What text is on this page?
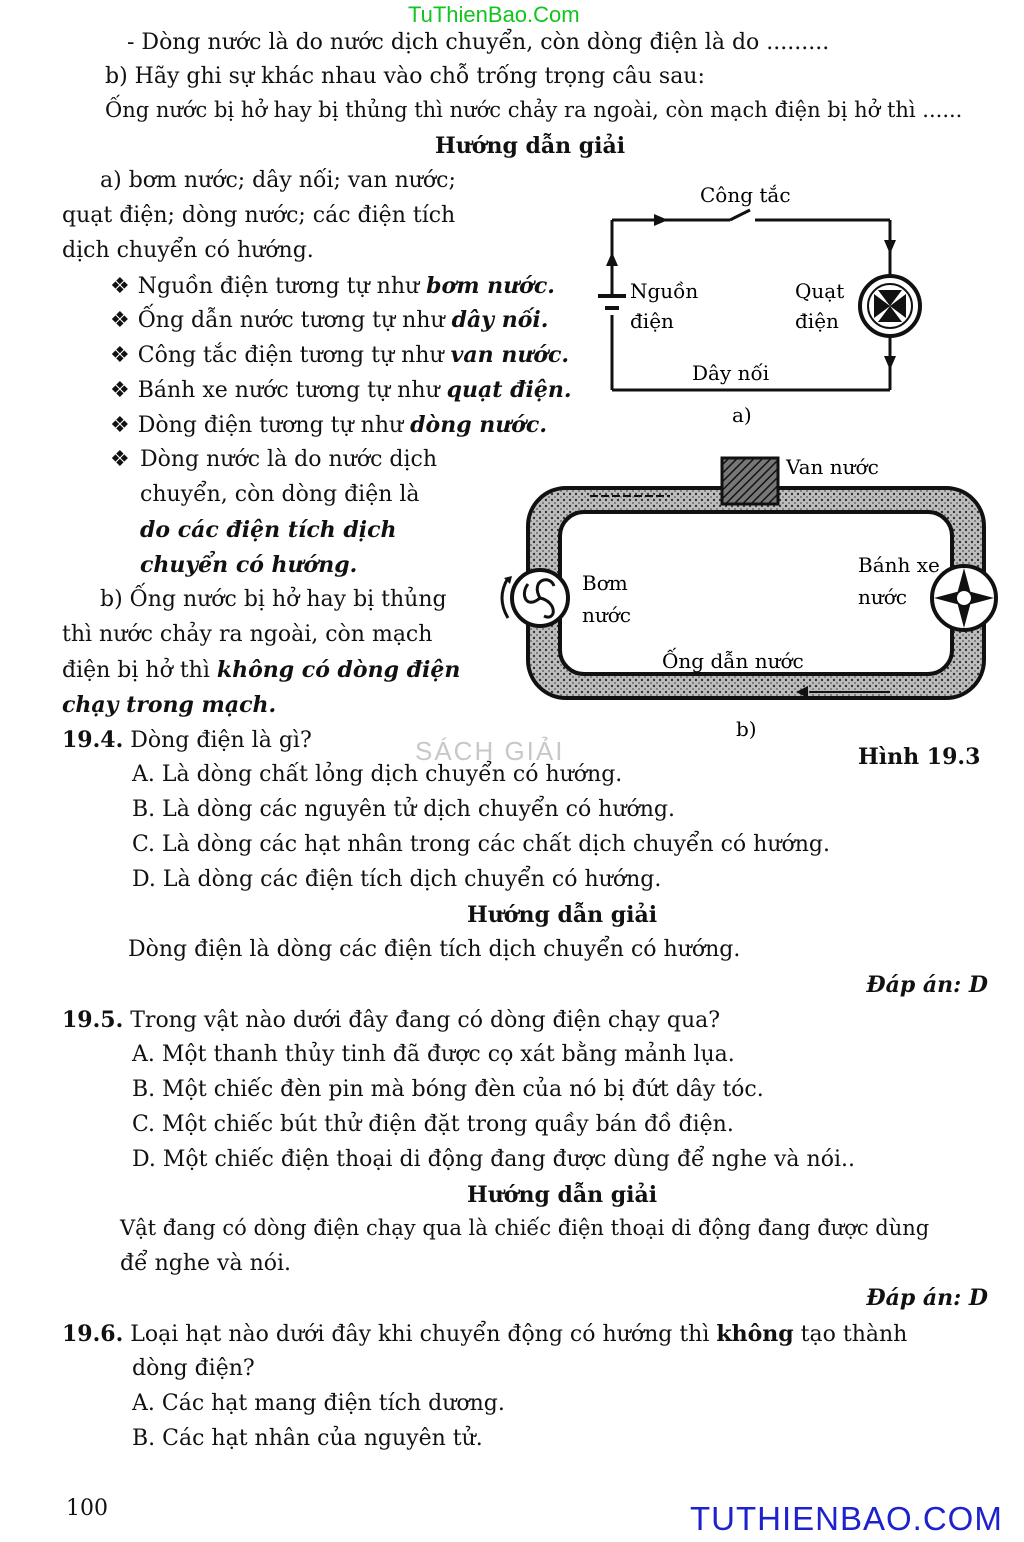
TuThienBao.Com
- Dòng nước là do nước dịch chuyển, còn dòng điện là do .........
b) Hãy ghi sự khác nhau vào chỗ trống trọng câu sau:
Ống nước bị hở hay bị thủng thì nước chảy ra ngoài, còn mạch điện bị hở thì ......
Hướng dẫn giải
a) bơm nước; dây nối; van nước;
quạt điện; dòng nước; các điện tích
dịch chuyển có hướng.
❖ Nguồn điện tương tự như bơm nước.
❖ Ống dẫn nước tương tự như dây nối.
❖ Công tắc điện tương tự như van nước.
❖ Bánh xe nước tương tự như quạt điện.
❖ Dòng điện tương tự như dòng nước.
❖ Dòng nước là do nước dịch
chuyển, còn dòng điện là
do các điện tích dịch
chuyển có hướng.
b) Ống nước bị hở hay bị thủng
thì nước chảy ra ngoài, còn mạch
điện bị hở thì không có dòng điện
chạy trong mạch.
Công tắc
Nguồn
điện
Quạt
điện
Dây nối
a)
Van nước
Bơm
nước
Bánh xe
nước
Ống dẫn nước
b)
Hình 19.3
SÁCH GIẢI
19.4. Dòng điện là gì?
A. Là dòng chất lỏng dịch chuyển có hướng.
B. Là dòng các nguyên tử dịch chuyển có hướng.
C. Là dòng các hạt nhân trong các chất dịch chuyển có hướng.
D. Là dòng các điện tích dịch chuyển có hướng.
Hướng dẫn giải
Dòng điện là dòng các điện tích dịch chuyển có hướng.
Đáp án: D
19.5. Trong vật nào dưới đây đang có dòng điện chạy qua?
A. Một thanh thủy tinh đã được cọ xát bằng mảnh lụa.
B. Một chiếc đèn pin mà bóng đèn của nó bị đứt dây tóc.
C. Một chiếc bút thử điện đặt trong quầy bán đồ điện.
D. Một chiếc điện thoại di động đang được dùng để nghe và nói..
Hướng dẫn giải
Vật đang có dòng điện chạy qua là chiếc điện thoại di động đang được dùng
để nghe và nói.
Đáp án: D
19.6. Loại hạt nào dưới đây khi chuyển động có hướng thì không tạo thành
dòng điện?
A. Các hạt mang điện tích dương.
B. Các hạt nhân của nguyên tử.
100	TUTHIENBAO.COM
